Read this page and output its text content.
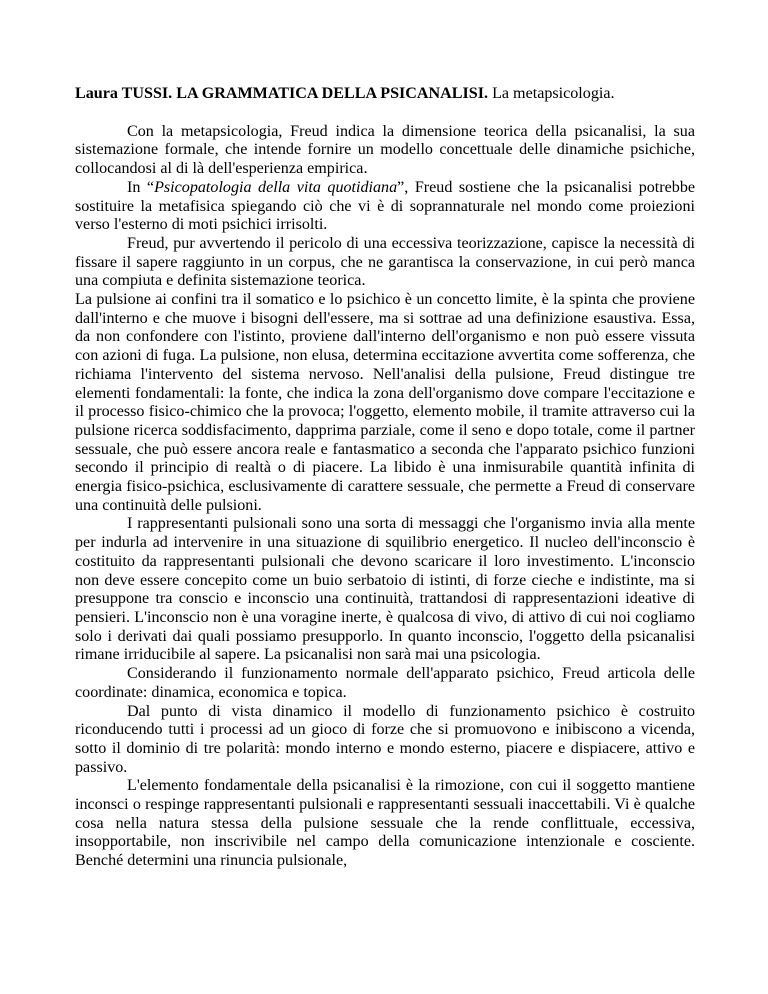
Laura TUSSI. LA GRAMMATICA DELLA PSICANALISI. La metapsicologia.

Con la metapsicologia, Freud indica la dimensione teorica della psicanalisi, la sua sistemazione formale, che intende fornire un modello concettuale delle dinamiche psichiche, collocandosi al di là dell'esperienza empirica.

In “Psicopatologia della vita quotidiana”, Freud sostiene che la psicanalisi potrebbe sostituire la metafisica spiegando ciò che vi è di soprannaturale nel mondo come proiezioni verso l'esterno di moti psichici irrisolti.

Freud, pur avvertendo il pericolo di una eccessiva teorizzazione, capisce la necessità di fissare il sapere raggiunto in un corpus, che ne garantisca la conservazione, in cui però manca una compiuta e definita sistemazione teorica.

La pulsione ai confini tra il somatico e lo psichico è un concetto limite, è la spinta che proviene dall'interno e che muove i bisogni dell'essere, ma si sottrae ad una definizione esaustiva. Essa, da non confondere con l'istinto, proviene dall'interno dell'organismo e non può essere vissuta con azioni di fuga. La pulsione, non elusa, determina eccitazione avvertita come sofferenza, che richiama l'intervento del sistema nervoso. Nell'analisi della pulsione, Freud distingue tre elementi fondamentali: la fonte, che indica la zona dell'organismo dove compare l'eccitazione e il processo fisico-chimico che la provoca; l'oggetto, elemento mobile, il tramite attraverso cui la pulsione ricerca soddisfacimento, dapprima parziale, come il seno e dopo totale, come il partner sessuale, che può essere ancora reale e fantasmatico a seconda che l'apparato psichico funzioni secondo il principio di realtà o di piacere. La libido è una inmisurabile quantità infinita di energia fisico-psichica, esclusivamente di carattere sessuale, che permette a Freud di conservare una continuità delle pulsioni.

I rappresentanti pulsionali sono una sorta di messaggi che l'organismo invia alla mente per indurla ad intervenire in una situazione di squilibrio energetico. Il nucleo dell'inconscio è costituito da rappresentanti pulsionali che devono scaricare il loro investimento. L'inconscio non deve essere concepito come un buio serbatoio di istinti, di forze cieche e indistinte, ma si presuppone tra conscio e inconscio una continuità, trattandosi di rappresentazioni ideative di pensieri. L'inconscio non è una voragine inerte, è qualcosa di vivo, di attivo di cui noi cogliamo solo i derivati dai quali possiamo presupporlo. In quanto inconscio, l'oggetto della psicanalisi rimane irriducibile al sapere. La psicanalisi non sarà mai una psicologia.

Considerando il funzionamento normale dell'apparato psichico, Freud articola delle coordinate: dinamica, economica e topica.

Dal punto di vista dinamico il modello di funzionamento psichico è costruito riconducendo tutti i processi ad un gioco di forze che si promuovono e inibiscono a vicenda, sotto il dominio di tre polarità: mondo interno e mondo esterno, piacere e dispiacere, attivo e passivo.

L'elemento fondamentale della psicanalisi è la rimozione, con cui il soggetto mantiene inconsci o respinge rappresentanti pulsionali e rappresentanti sessuali inaccettabili. Vi è qualche cosa nella natura stessa della pulsione sessuale che la rende conflittuale, eccessiva, insopportabile, non inscrivibile nel campo della comunicazione intenzionale e cosciente. Benché determini una rinuncia pulsionale,
